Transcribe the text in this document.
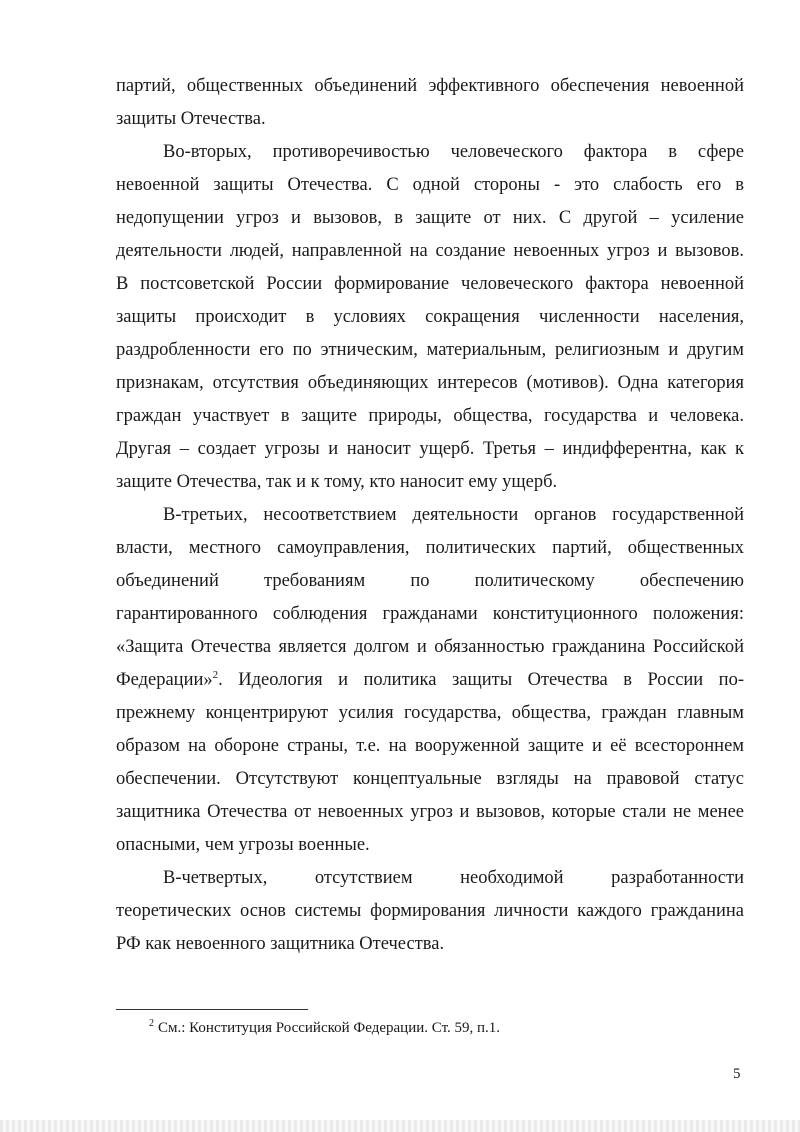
партий, общественных объединений эффективного обеспечения невоенной
защиты Отечества.
Во-вторых, противоречивостью человеческого фактора в сфере
невоенной защиты Отечества. С одной стороны - это слабость его в
недопущении угроз и вызовов, в защите от них. С другой – усиление
деятельности людей, направленной на создание невоенных угроз и вызовов.
В постсоветской России формирование человеческого фактора невоенной
защиты происходит в условиях сокращения численности населения,
раздробленности его по этническим, материальным, религиозным и другим
признакам, отсутствия объединяющих интересов (мотивов). Одна категория
граждан участвует в защите природы, общества, государства и человека.
Другая – создает угрозы и наносит ущерб. Третья – индифферентна, как к
защите Отечества, так и к тому, кто наносит ему ущерб.
В-третьих, несоответствием деятельности органов государственной
власти, местного самоуправления, политических партий, общественных
объединений требованиям по политическому обеспечению
гарантированного соблюдения гражданами конституционного положения:
«Защита Отечества является долгом и обязанностью гражданина Российской
Федерации»$^2$. Идеология и политика защиты Отечества в России по-
прежнему концентрируют усилия государства, общества, граждан главным
образом на обороне страны, т.е. на вооруженной защите и её всестороннем
обеспечении. Отсутствуют концептуальные взгляды на правовой статус
защитника Отечества от невоенных угроз и вызовов, которые стали не менее
опасными, чем угрозы военные.
В-четвертых, отсутствием необходимой разработанности
теоретических основ системы формирования личности каждого гражданина
РФ как невоенного защитника Отечества.
$^2$ См.: Конституция Российской Федерации. Ст. 59, п.1.
5
